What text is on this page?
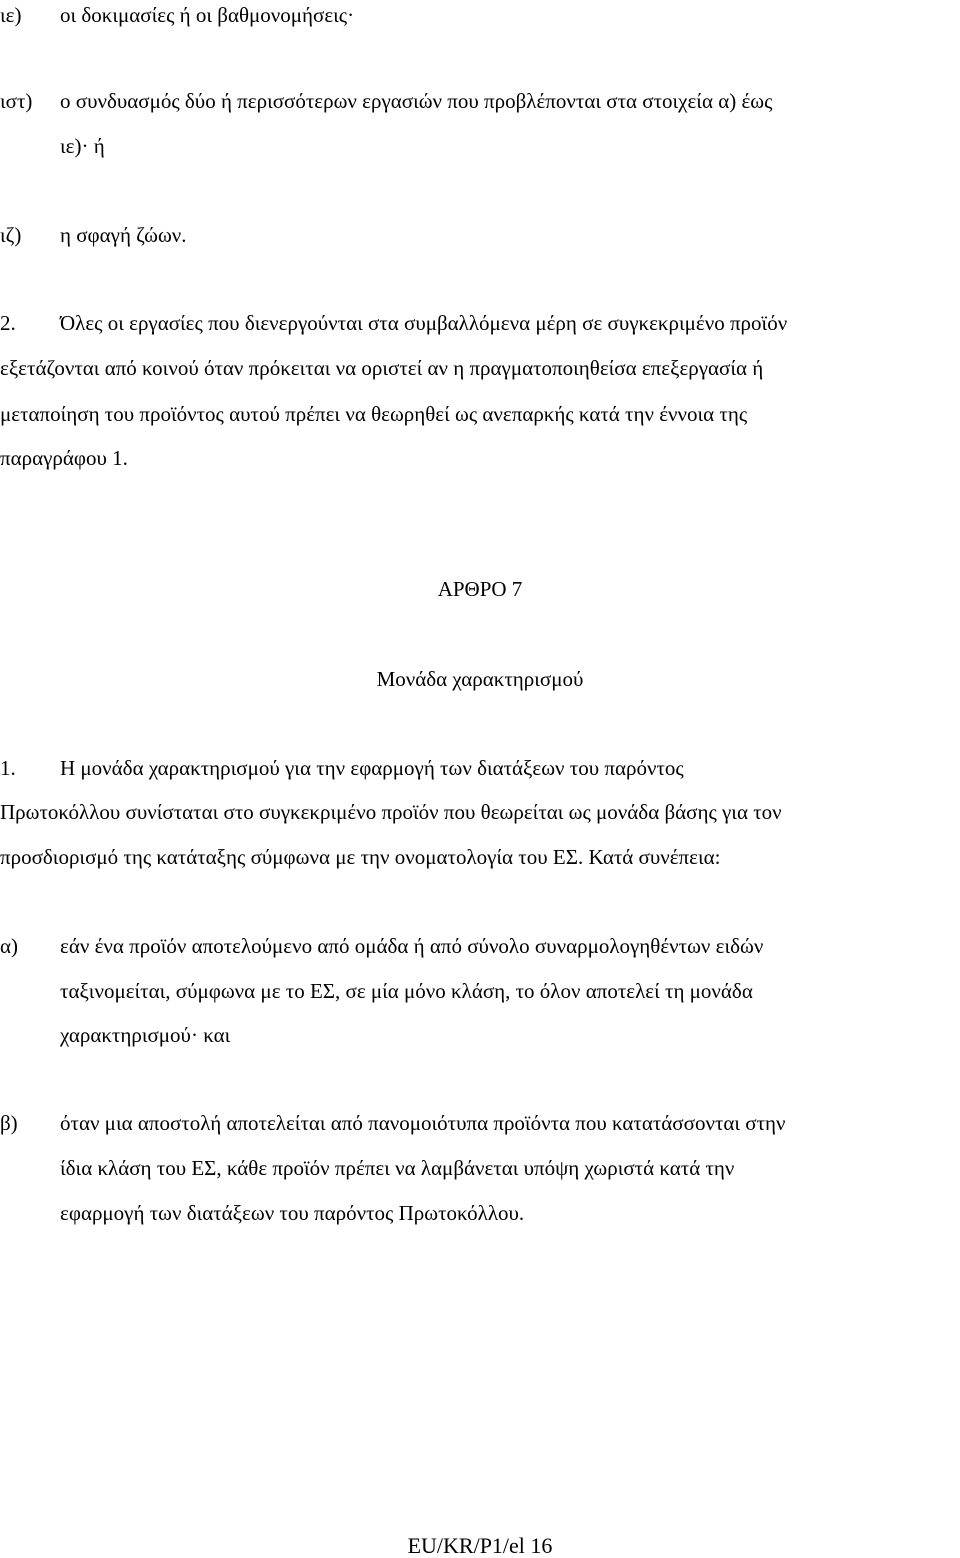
ιε) οι δοκιμασίες ή οι βαθμονομήσεις·
ιστ) ο συνδυασμός δύο ή περισσότερων εργασιών που προβλέπονται στα στοιχεία α) έως
ιε)· ή
ιζ) η σφαγή ζώων.
2. Όλες οι εργασίες που διενεργούνται στα συμβαλλόμενα μέρη σε συγκεκριμένο προϊόν
εξετάζονται από κοινού όταν πρόκειται να οριστεί αν η πραγματοποιηθείσα επεξεργασία ή
μεταποίηση του προϊόντος αυτού πρέπει να θεωρηθεί ως ανεπαρκής κατά την έννοια της
παραγράφου 1.
ΑΡΘΡΟ 7
Μονάδα χαρακτηρισμού
1. Η μονάδα χαρακτηρισμού για την εφαρμογή των διατάξεων του παρόντος
Πρωτοκόλλου συνίσταται στο συγκεκριμένο προϊόν που θεωρείται ως μονάδα βάσης για τον
προσδιορισμό της κατάταξης σύμφωνα με την ονοματολογία του ΕΣ. Κατά συνέπεια:
α) εάν ένα προϊόν αποτελούμενο από ομάδα ή από σύνολο συναρμολογηθέντων ειδών
ταξινομείται, σύμφωνα με το ΕΣ, σε μία μόνο κλάση, το όλον αποτελεί τη μονάδα
χαρακτηρισμού· και
β) όταν μια αποστολή αποτελείται από πανομοιότυπα προϊόντα που κατατάσσονται στην
ίδια κλάση του ΕΣ, κάθε προϊόν πρέπει να λαμβάνεται υπόψη χωριστά κατά την
εφαρμογή των διατάξεων του παρόντος Πρωτοκόλλου.
EU/KR/P1/el 16
